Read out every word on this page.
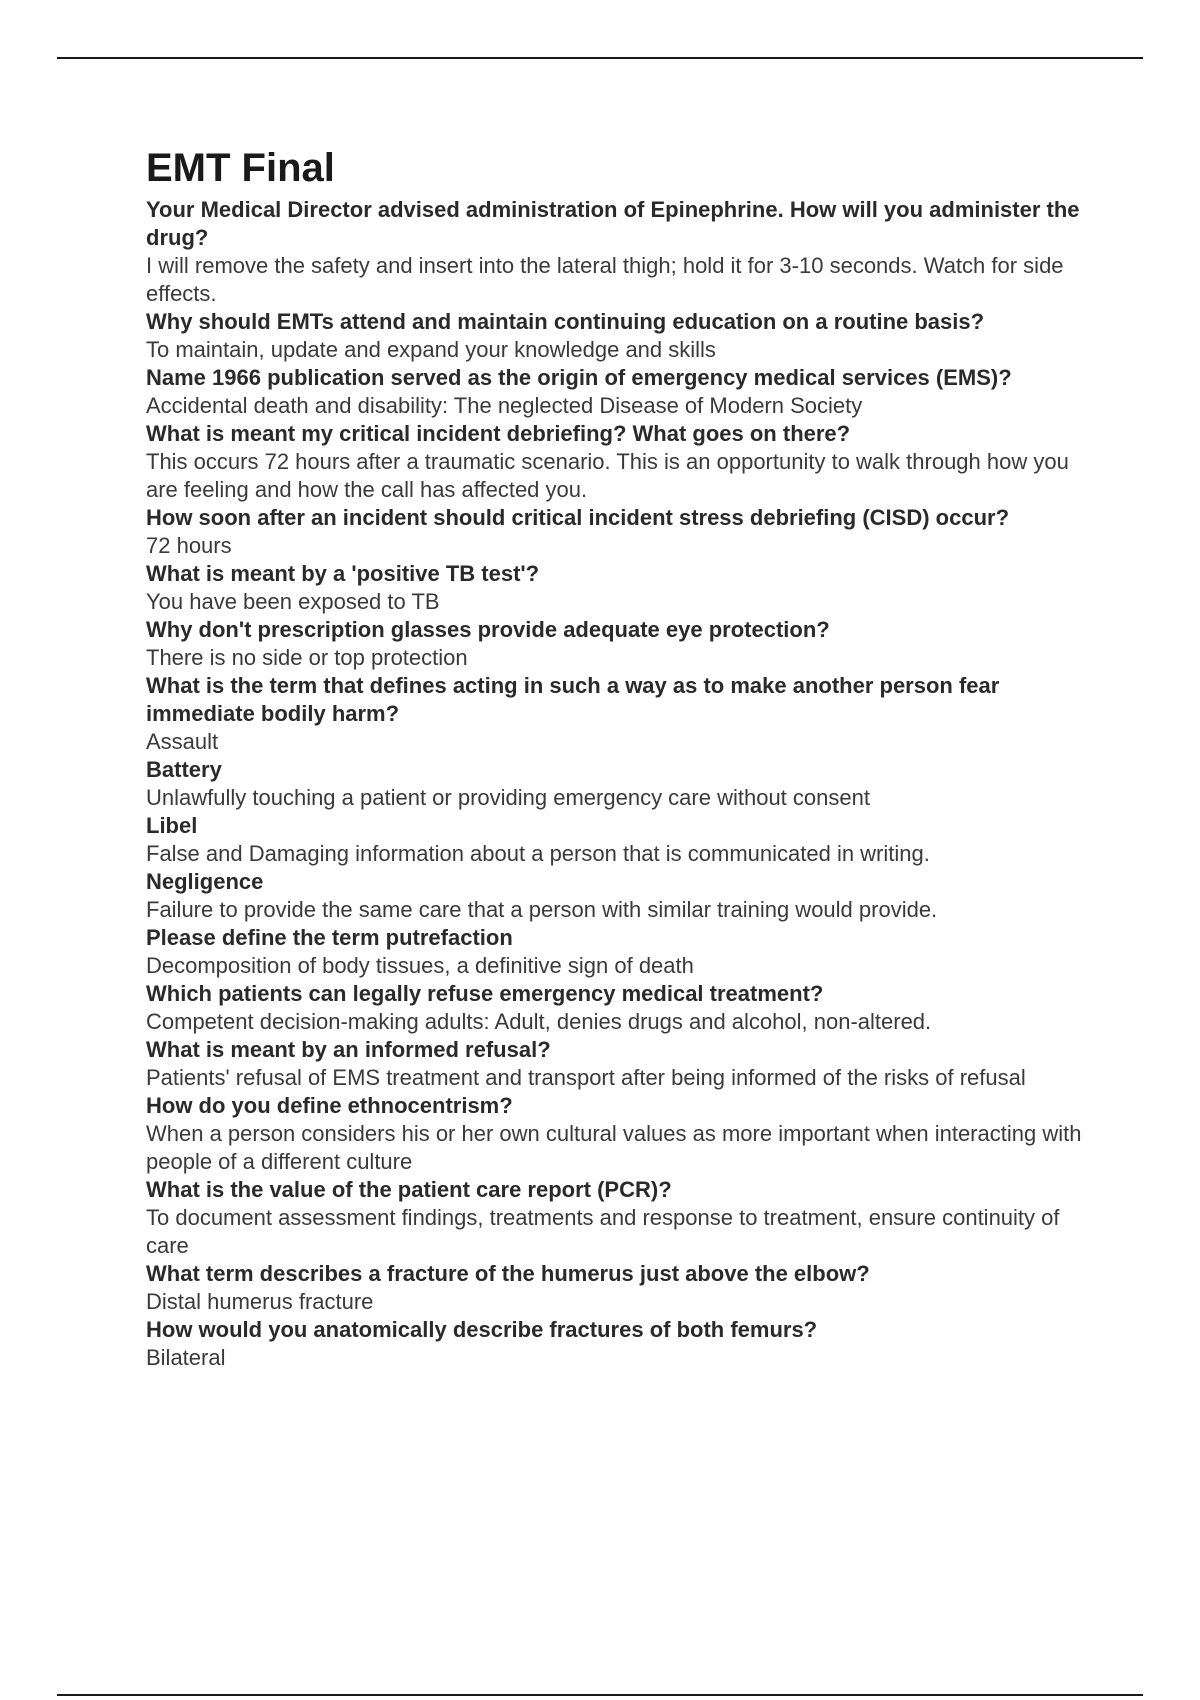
EMT Final
Your Medical Director advised administration of Epinephrine. How will you administer the drug?
I will remove the safety and insert into the lateral thigh; hold it for 3-10 seconds. Watch for side effects.
Why should EMTs attend and maintain continuing education on a routine basis?
To maintain, update and expand your knowledge and skills
Name 1966 publication served as the origin of emergency medical services (EMS)?
Accidental death and disability: The neglected Disease of Modern Society
What is meant my critical incident debriefing? What goes on there?
This occurs 72 hours after a traumatic scenario. This is an opportunity to walk through how you are feeling and how the call has affected you.
How soon after an incident should critical incident stress debriefing (CISD) occur?
72 hours
What is meant by a 'positive TB test'?
You have been exposed to TB
Why don't prescription glasses provide adequate eye protection?
There is no side or top protection
What is the term that defines acting in such a way as to make another person fear immediate bodily harm?
Assault
Battery
Unlawfully touching a patient or providing emergency care without consent
Libel
False and Damaging information about a person that is communicated in writing.
Negligence
Failure to provide the same care that a person with similar training would provide.
Please define the term putrefaction
Decomposition of body tissues, a definitive sign of death
Which patients can legally refuse emergency medical treatment?
Competent decision-making adults: Adult, denies drugs and alcohol, non-altered.
What is meant by an informed refusal?
Patients' refusal of EMS treatment and transport after being informed of the risks of refusal
How do you define ethnocentrism?
When a person considers his or her own cultural values as more important when interacting with people of a different culture
What is the value of the patient care report (PCR)?
To document assessment findings, treatments and response to treatment, ensure continuity of care
What term describes a fracture of the humerus just above the elbow?
Distal humerus fracture
How would you anatomically describe fractures of both femurs?
Bilateral
